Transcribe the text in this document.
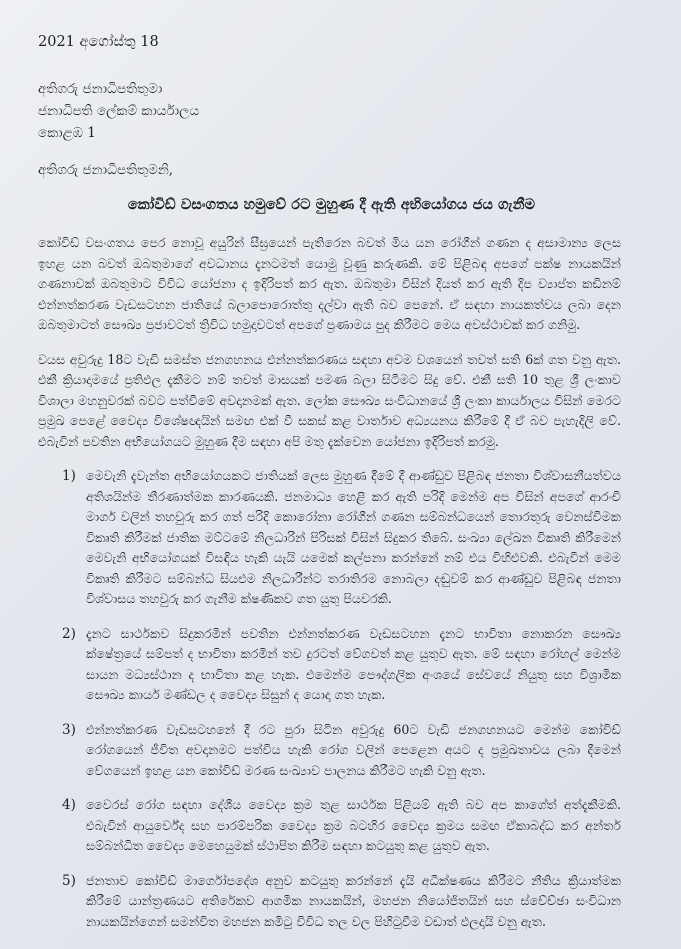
2021 අගෝස්තු 18
අතිගරු ජනාධිපතිතුමා
ජනාධිපති ලේකම් කාර්යාලය
කොළඹ 1
අතිගරු ජනාධිපතිතුමනි,
කෝවිඩ් වසංගතය හමුවේ රට මුහුණ දී ඇති අභියෝගය ජය ගැනීම

කෝවිඩ් වසංගතය පෙර නොවූ අයුරින් සීඝ්‍රයෙන් පැතිරෙන බවත් මිය යන රෝගීන් ගණන ද අසාමාන්‍ය ලෙස ඉහළ යන බවත් ඔබතුමාගේ අවධානය දැනටමත් යොමු වූණු කරුණකි. මේ පිළිබඳ අපගේ පක්ෂ නායකයින් ගණනාවක් ඔබතුමාට විවිධ යෝජනා ද ඉදිරිපත් කර ඇත. ඔබතුමා විසින් දියත් කර ඇති දිප ව්‍යාප්ත කඩිනම් එන්නත්කරණ වැඩසටහන ජාතියේ බලාපොරොත්තු දල්වා ඇති බව පෙනේ. ඒ සඳහා නායකත්වය ලබා දෙන ඔබතුමාටත් සෞඛ්‍ය ප්‍රජාවටත් ත්‍රිවිධ හමුදාවටත් අපගේ ප්‍රණාමය පුද කිරීමට මෙය අවස්ථාවක් කර ගනිමු.

වයස අවුරුදු 18ට වැඩි සමස්ත ජනගහනය එන්නත්කරණය සඳහා අවම වශයෙන් තවත් සති 6ක් ගත වනු ඇත. එකී ක්‍රියාදාමයේ ප්‍රතිඵල දැකීමට නම් තවත් මාසයක් පමණ බලා සිටීමට සිදු වේ. එකී සති 10 තුළ ශ්‍රී ලංකාව විශාලා මහනුවරක් බවට පත්වීමේ අවදානමක් ඇත. ලෝක සෞඛ්‍ය සංවිධානයේ ශ්‍රී ලංකා කාර්යාලය විසින් මෙරට ප්‍රමුඛ පෙළේ වෛද්‍ය විශේෂඥයින් සමඟ එක් වී සකස් කළ වාර්තාව අධ්‍යයනය කිරීමේ දී ඒ බව පැහැදිලි වේ. එබැවින් පවතින අභියෝගයට මුහුණ දීම සඳහා අපි මතු දැක්වෙන යෝජනා ඉදිරිපත් කරමු.

1) මෙවැනි දැවැන්ත අභියෝගයකට ජාතියක් ලෙස මුහුණ දීමේ දී ආණ්ඩුව පිළිබඳ ජනතා විශ්වාසනීයත්වය අතිශයින්ම තීරණාත්මක කාරණයකි. ජනමාධ්‍ය හෙළි කර ඇති පරිදි මෙන්ම අප විසින් අපගේ ආරංචි මාර්ග වලින් තහවුරු කර ගත් පරිදි කොරෝනා රෝගීන් ගණන සම්බන්ධයෙන් තොරතුරු වෙනස්වීමක විකෘති කිරීමක් ජාතික මට්ටමේ නිලධාරින් පිරිසක් විසින් සිදුකර තිබේ. සංඛ්‍යා ලේඛන විකෘති කිරීමෙන් මෙවැනි අභියෝගයක් විසඳිය හැකි යැයි යමෙක් කල්පනා කරන්නේ නම් එය විහිළුවකි. එබැවින් මෙම විකෘති කිරීමට සම්බන්ධ සියළුම නිලධාරීන්ට තරාතිරම නොබලා දඬුවම් කර ආණ්ඩුව පිළිබඳ ජනතා විශ්වාසය තහවුරු කර ගැනීම ක්ෂණිකව ගත යුතු පියවරකි.
2) දැනට සාර්ථකව සිදුකරමින් පවතින එන්නත්කරණ වැඩසටහන දැනට භාවිතා නොකරන සෞඛ්‍ය ක්ෂේත්‍රයේ සම්පත් ද භාවිතා කරමින් තව දුරටත් වේගවත් කළ යුතුව ඇත. මේ සඳහා රෝහල් මෙන්ම සායන මධ්‍යස්ථාන ද භාවිතා කළ හැක. එමෙන්ම පෞද්ගලික අංශයේ සේවයේ නියුතු සහ විශ්‍රාමික සෞඛ්‍ය කාර්ය මණ්ඩල ද වෛද්‍ය සිසුන් ද යොදා ගත හැක.
3) එන්නත්කරණ වැඩසටහනේ දී රට පුරා සිටින අවුරුදු 60ට වැඩි ජනගහනයට මෙන්ම කෝවිඩ් රෝගයෙන් ජීවිත අවදානමට පත්විය හැකි රෝග වලින් පෙළෙන අයට ද ප්‍රමුඛතාවය ලබා දීමෙන් වේගයෙන් ඉහළ යන කෝවිඩ් මරණ සංඛ්‍යාව පාලනය කිරීමට හැකි වනු ඇත.
4) වෛරස් රෝග සඳහා දේශීය වෛද්‍ය ක්‍රම තුළ සාර්ථක පිළියම් ඇති බව අප කාගේත් අත්දැකීමකි. එබැවින් ආයුර්වේද සහ පාරම්පරික වෛද්‍ය ක්‍රම බටහිර වෛද්‍ය ක්‍රමය සමඟ ඒකාබද්ධ කර අන්තර් සම්බන්ධිත වෛද්‍ය මෙහෙයුමක් ස්ථාපිත කිරීම සඳහා කටයුතු කළ යුතුව ඇත.
5) ජනතාව කෝවිඩ් මාර්ගෝපදේශ අනුව කටයුතු කරන්නේ දැයි අධීක්ෂණය කිරීමට නීතිය ක්‍රියාත්මක කිරීමේ යාන්ත්‍රණයට අතිරේකව ආගමික නායකයින්, මහජන නියෝජිතයින් සහ ස්වේච්ඡා සංවිධාන නායකයින්ගෙන් සමන්විත මහජන කමිටු විවිධ තල වල පිහිටුවීම වඩාත් ඵලදායි වනු ඇත.
